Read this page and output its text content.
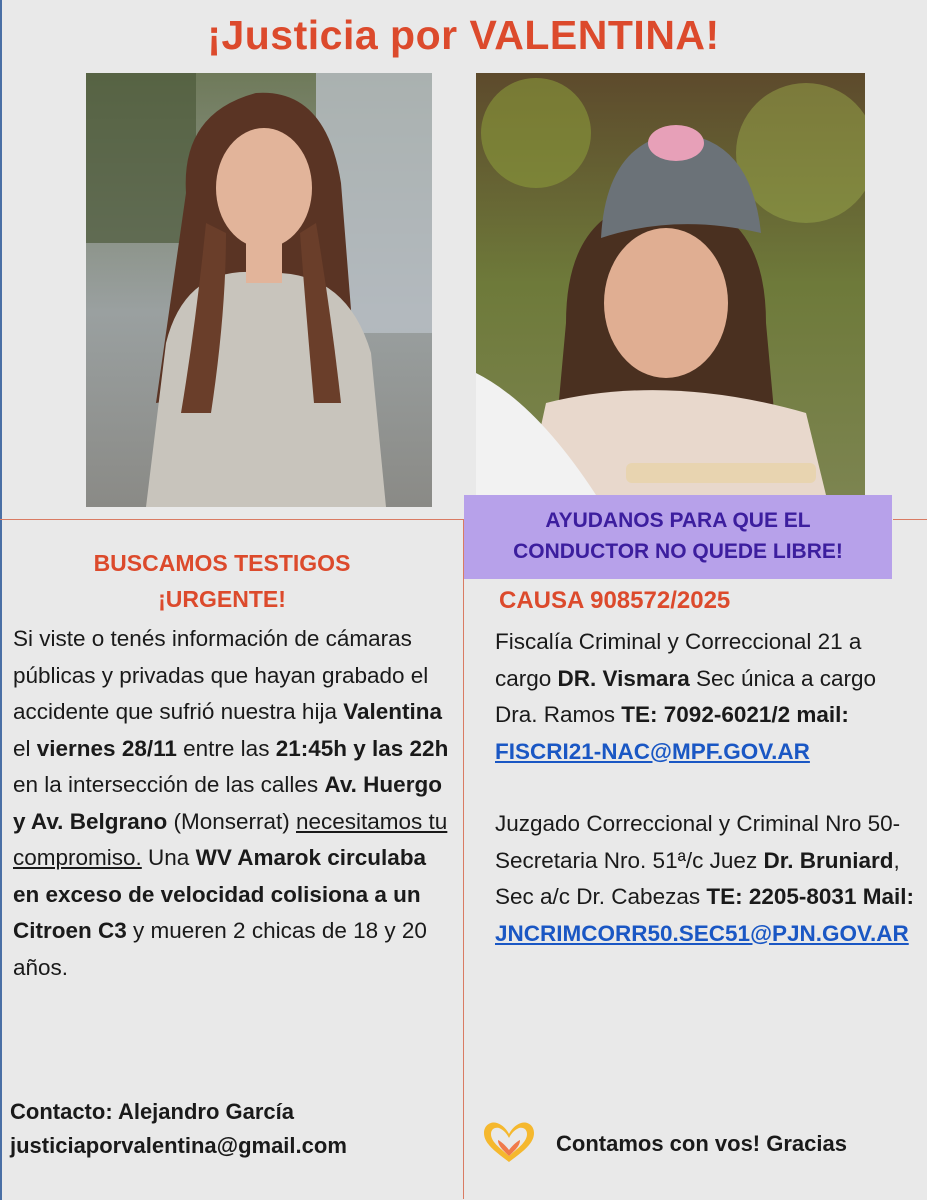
¡Justicia por VALENTINA!
AYUDANOS PARA QUE EL
CONDUCTOR NO QUEDE LIBRE!
BUSCAMOS TESTIGOS
¡URGENTE!
Si viste o tenés información de cámaras públicas y privadas que hayan grabado el accidente que sufrió nuestra hija Valentina el viernes 28/11 entre las 21:45h y las 22h en la intersección de las calles Av. Huergo y Av. Belgrano (Monserrat) necesitamos tu compromiso. Una WV Amarok circulaba en exceso de velocidad colisiona a un Citroen C3 y mueren 2 chicas de 18 y 20 años.
CAUSA 908572/2025
Fiscalía Criminal y Correccional 21 a cargo DR. Vismara Sec única a cargo Dra. Ramos TE: 7092-6021/2 mail: FISCRI21-NAC@MPF.GOV.AR
Juzgado Correccional y Criminal Nro 50-Secretaria Nro. 51ª/c Juez Dr. Bruniard, Sec a/c Dr. Cabezas TE: 2205-8031 Mail:
JNCRIMCORR50.SEC51@PJN.GOV.AR
Contacto: Alejandro García
justiciaporvalentina@gmail.com	Contamos con vos! Gracias
